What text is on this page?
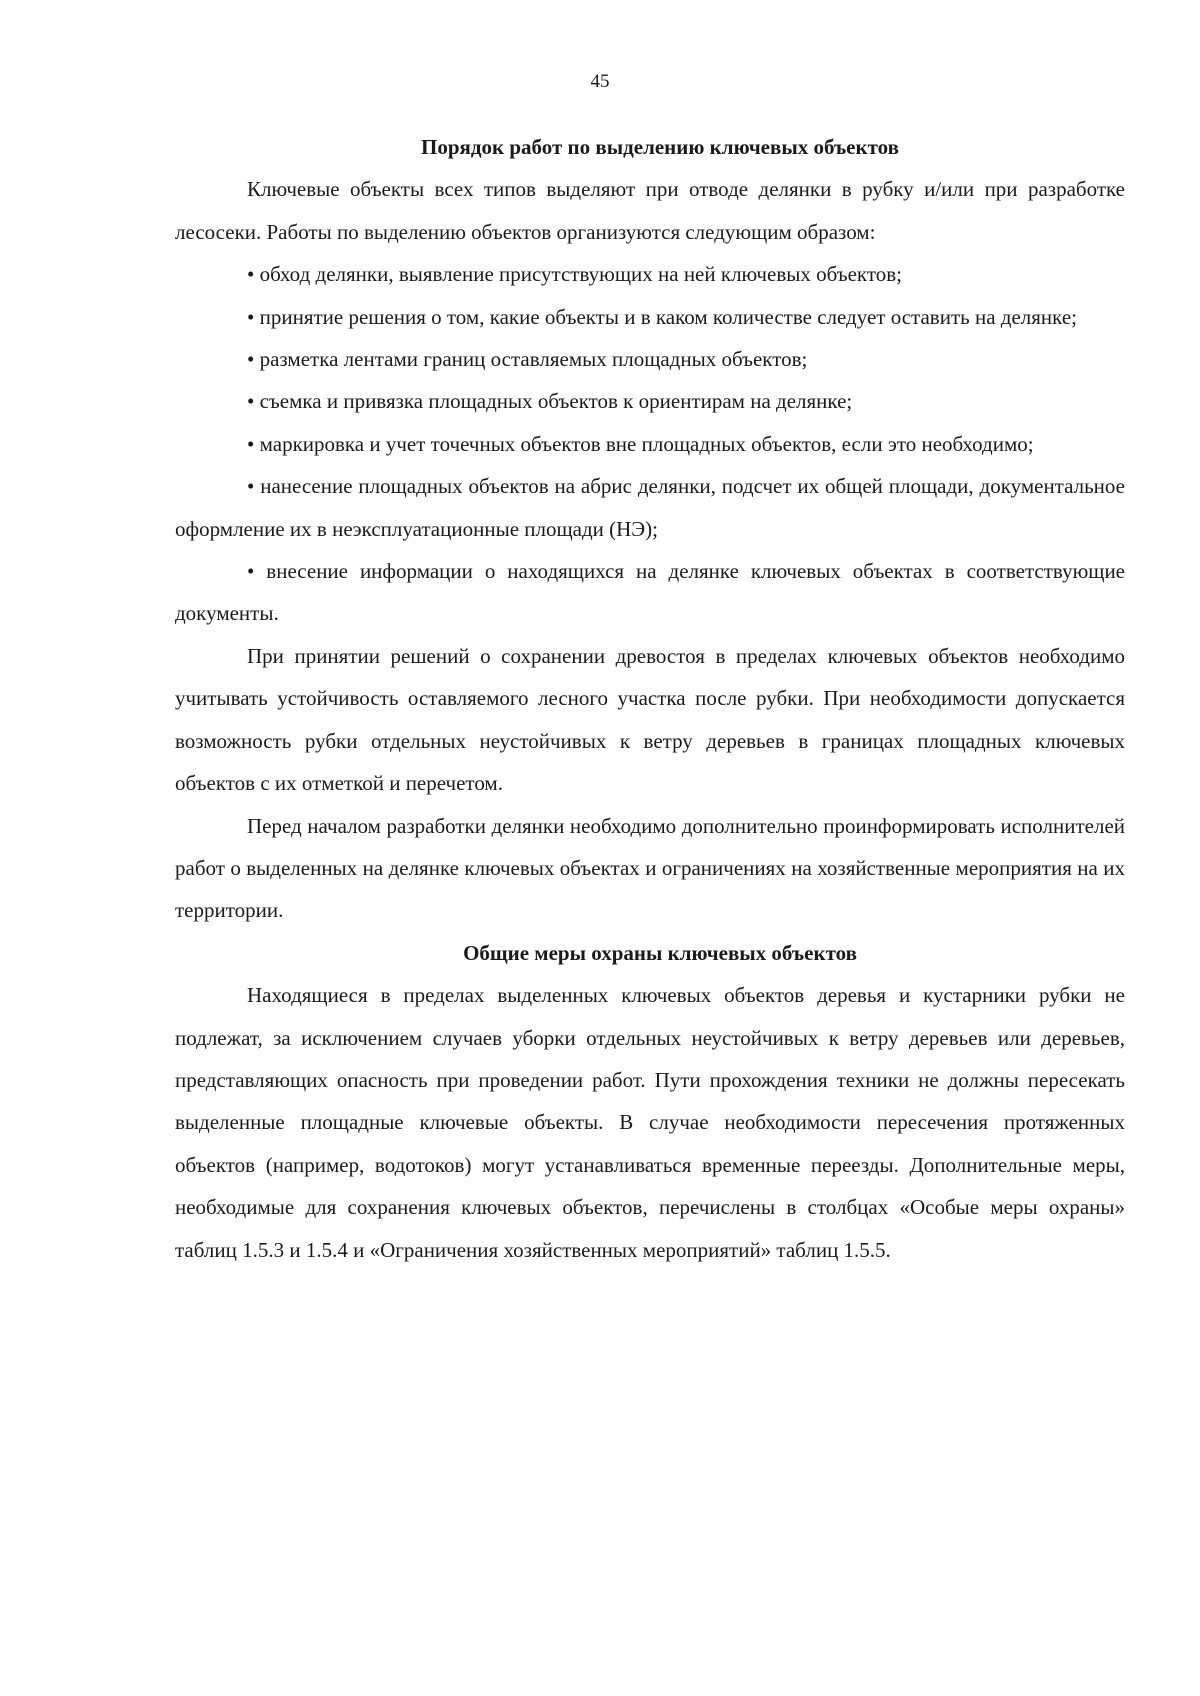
45

Порядок работ по выделению ключевых объектов

Ключевые объекты всех типов выделяют при отводе делянки в рубку и/или при разработке лесосеки. Работы по выделению объектов организуются следующим образом:

• обход делянки, выявление присутствующих на ней ключевых объектов;

• принятие решения о том, какие объекты и в каком количестве следует оставить на делянке;

• разметка лентами границ оставляемых площадных объектов;

• съемка и привязка площадных объектов к ориентирам на делянке;

• маркировка и учет точечных объектов вне площадных объектов, если это необходимо;

• нанесение площадных объектов на абрис делянки, подсчет их общей площади, документальное оформление их в неэксплуатационные площади (НЭ);

• внесение информации о находящихся на делянке ключевых объектах в соответствующие документы.

При принятии решений о сохранении древостоя в пределах ключевых объектов необходимо учитывать устойчивость оставляемого лесного участка после рубки. При необходимости допускается возможность рубки отдельных неустойчивых к ветру деревьев в границах площадных ключевых объектов с их отметкой и перечетом.

Перед началом разработки делянки необходимо дополнительно проинформировать исполнителей работ о выделенных на делянке ключевых объектах и ограничениях на хозяйственные мероприятия на их территории.

Общие меры охраны ключевых объектов

Находящиеся в пределах выделенных ключевых объектов деревья и кустарники рубки не подлежат, за исключением случаев уборки отдельных неустойчивых к ветру деревьев или деревьев, представляющих опасность при проведении работ. Пути прохождения техники не должны пересекать выделенные площадные ключевые объекты. В случае необходимости пересечения протяженных объектов (например, водотоков) могут устанавливаться временные переезды. Дополнительные меры, необходимые для сохранения ключевых объектов, перечислены в столбцах «Особые меры охраны» таблиц 1.5.3 и 1.5.4 и «Ограничения хозяйственных мероприятий» таблиц 1.5.5.
